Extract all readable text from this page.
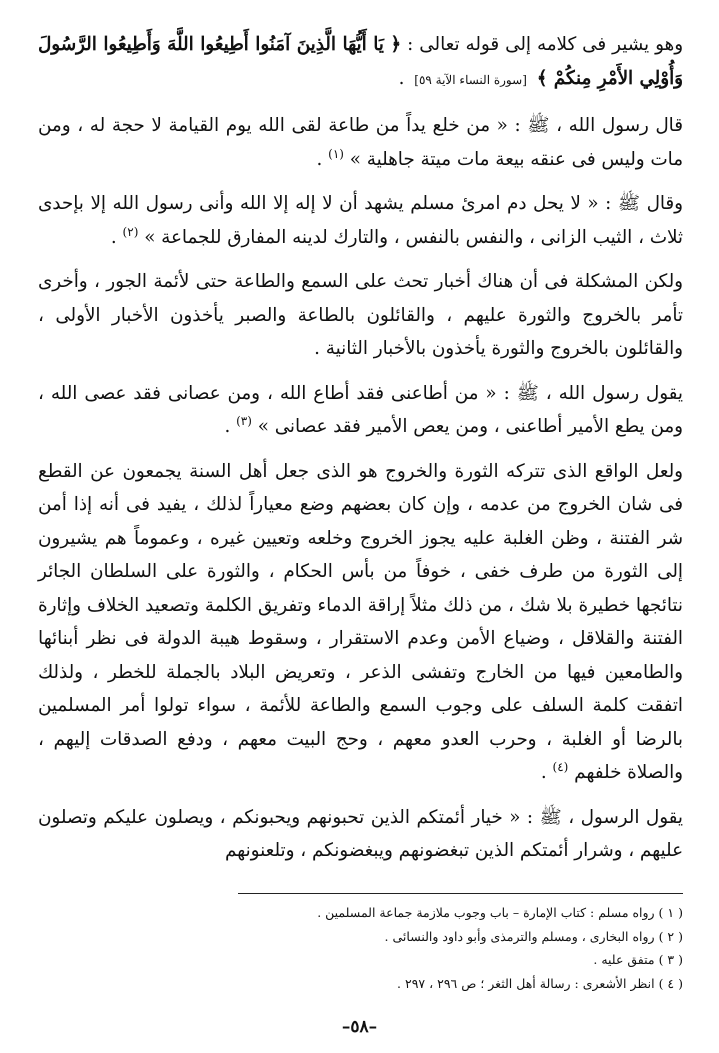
وهو يشير فى كلامه إلى قوله تعالى : ﴿ يَا أَيُّهَا الَّذِينَ آمَنُوا أَطِيعُوا اللَّهَ وَأَطِيعُوا الرَّسُولَ وَأُوْلِي الأَمْرِ مِنكُمْ ﴾ [سورة النساء الآية ٥٩] .

قال رسول الله ، ﷺ : « من خلع يداً من طاعة لقى الله يوم القيامة لا حجة له ، ومن مات وليس فى عنقه بيعة مات ميتة جاهلية » $^{(١)}$ .

وقال ﷺ : « لا يحل دم امرئ مسلم يشهد أن لا إله إلا الله وأنى رسول الله إلا بإحدى ثلاث ، الثيب الزانى ، والنفس بالنفس ، والتارك لدينه المفارق للجماعة » $^{(٢)}$ .

ولكن المشكلة فى أن هناك أخبار تحث على السمع والطاعة حتى لأئمة الجور ، وأخرى تأمر بالخروج والثورة عليهم ، والقائلون بالطاعة والصبر يأخذون الأخبار الأولى ، والقائلون بالخروج والثورة يأخذون بالأخبار الثانية .

يقول رسول الله ، ﷺ : « من أطاعنى فقد أطاع الله ، ومن عصانى فقد عصى الله ، ومن يطع الأمير أطاعنى ، ومن يعص الأمير فقد عصانى » $^{(٣)}$ .

ولعل الواقع الذى تتركه الثورة والخروج هو الذى جعل أهل السنة يجمعون عن القطع فى شان الخروج من عدمه ، وإن كان بعضهم وضع معياراً لذلك ، يفيد فى أنه إذا أمن شر الفتنة ، وظن الغلبة عليه يجوز الخروج وخلعه وتعيين غيره ، وعموماً هم يشيرون إلى الثورة من طرف خفى ، خوفاً من بأس الحكام ، والثورة على السلطان الجائر نتائجها خطيرة بلا شك ، من ذلك مثلاً إراقة الدماء وتفريق الكلمة وتصعيد الخلاف وإثارة الفتنة والقلاقل ، وضياع الأمن وعدم الاستقرار ، وسقوط هيبة الدولة فى نظر أبنائها والطامعين فيها من الخارج وتفشى الذعر ، وتعريض البلاد بالجملة للخطر ، ولذلك اتفقت كلمة السلف على وجوب السمع والطاعة للأئمة ، سواء تولوا أمر المسلمين بالرضا أو الغلبة ، وحرب العدو معهم ، وحج البيت معهم ، ودفع الصدقات إليهم ، والصلاة خلفهم $^{(٤)}$ .

يقول الرسول ، ﷺ : « خيار أئمتكم الذين تحبونهم ويحبونكم ، ويصلون عليكم وتصلون عليهم ، وشرار أئمتكم الذين تبغضونهم ويبغضونكم ، وتلعنونهم

( ١ ) رواه مسلم : كتاب الإمارة – باب وجوب ملازمة جماعة المسلمين .

( ٢ ) رواه البخارى ، ومسلم والترمذى وأبو داود والنسائى .

( ٣ ) متفق عليه .

( ٤ ) انظر الأشعرى : رسالة أهل الثغر ؛ ص ٢٩٦ ، ٢٩٧ .

–٥٨–
